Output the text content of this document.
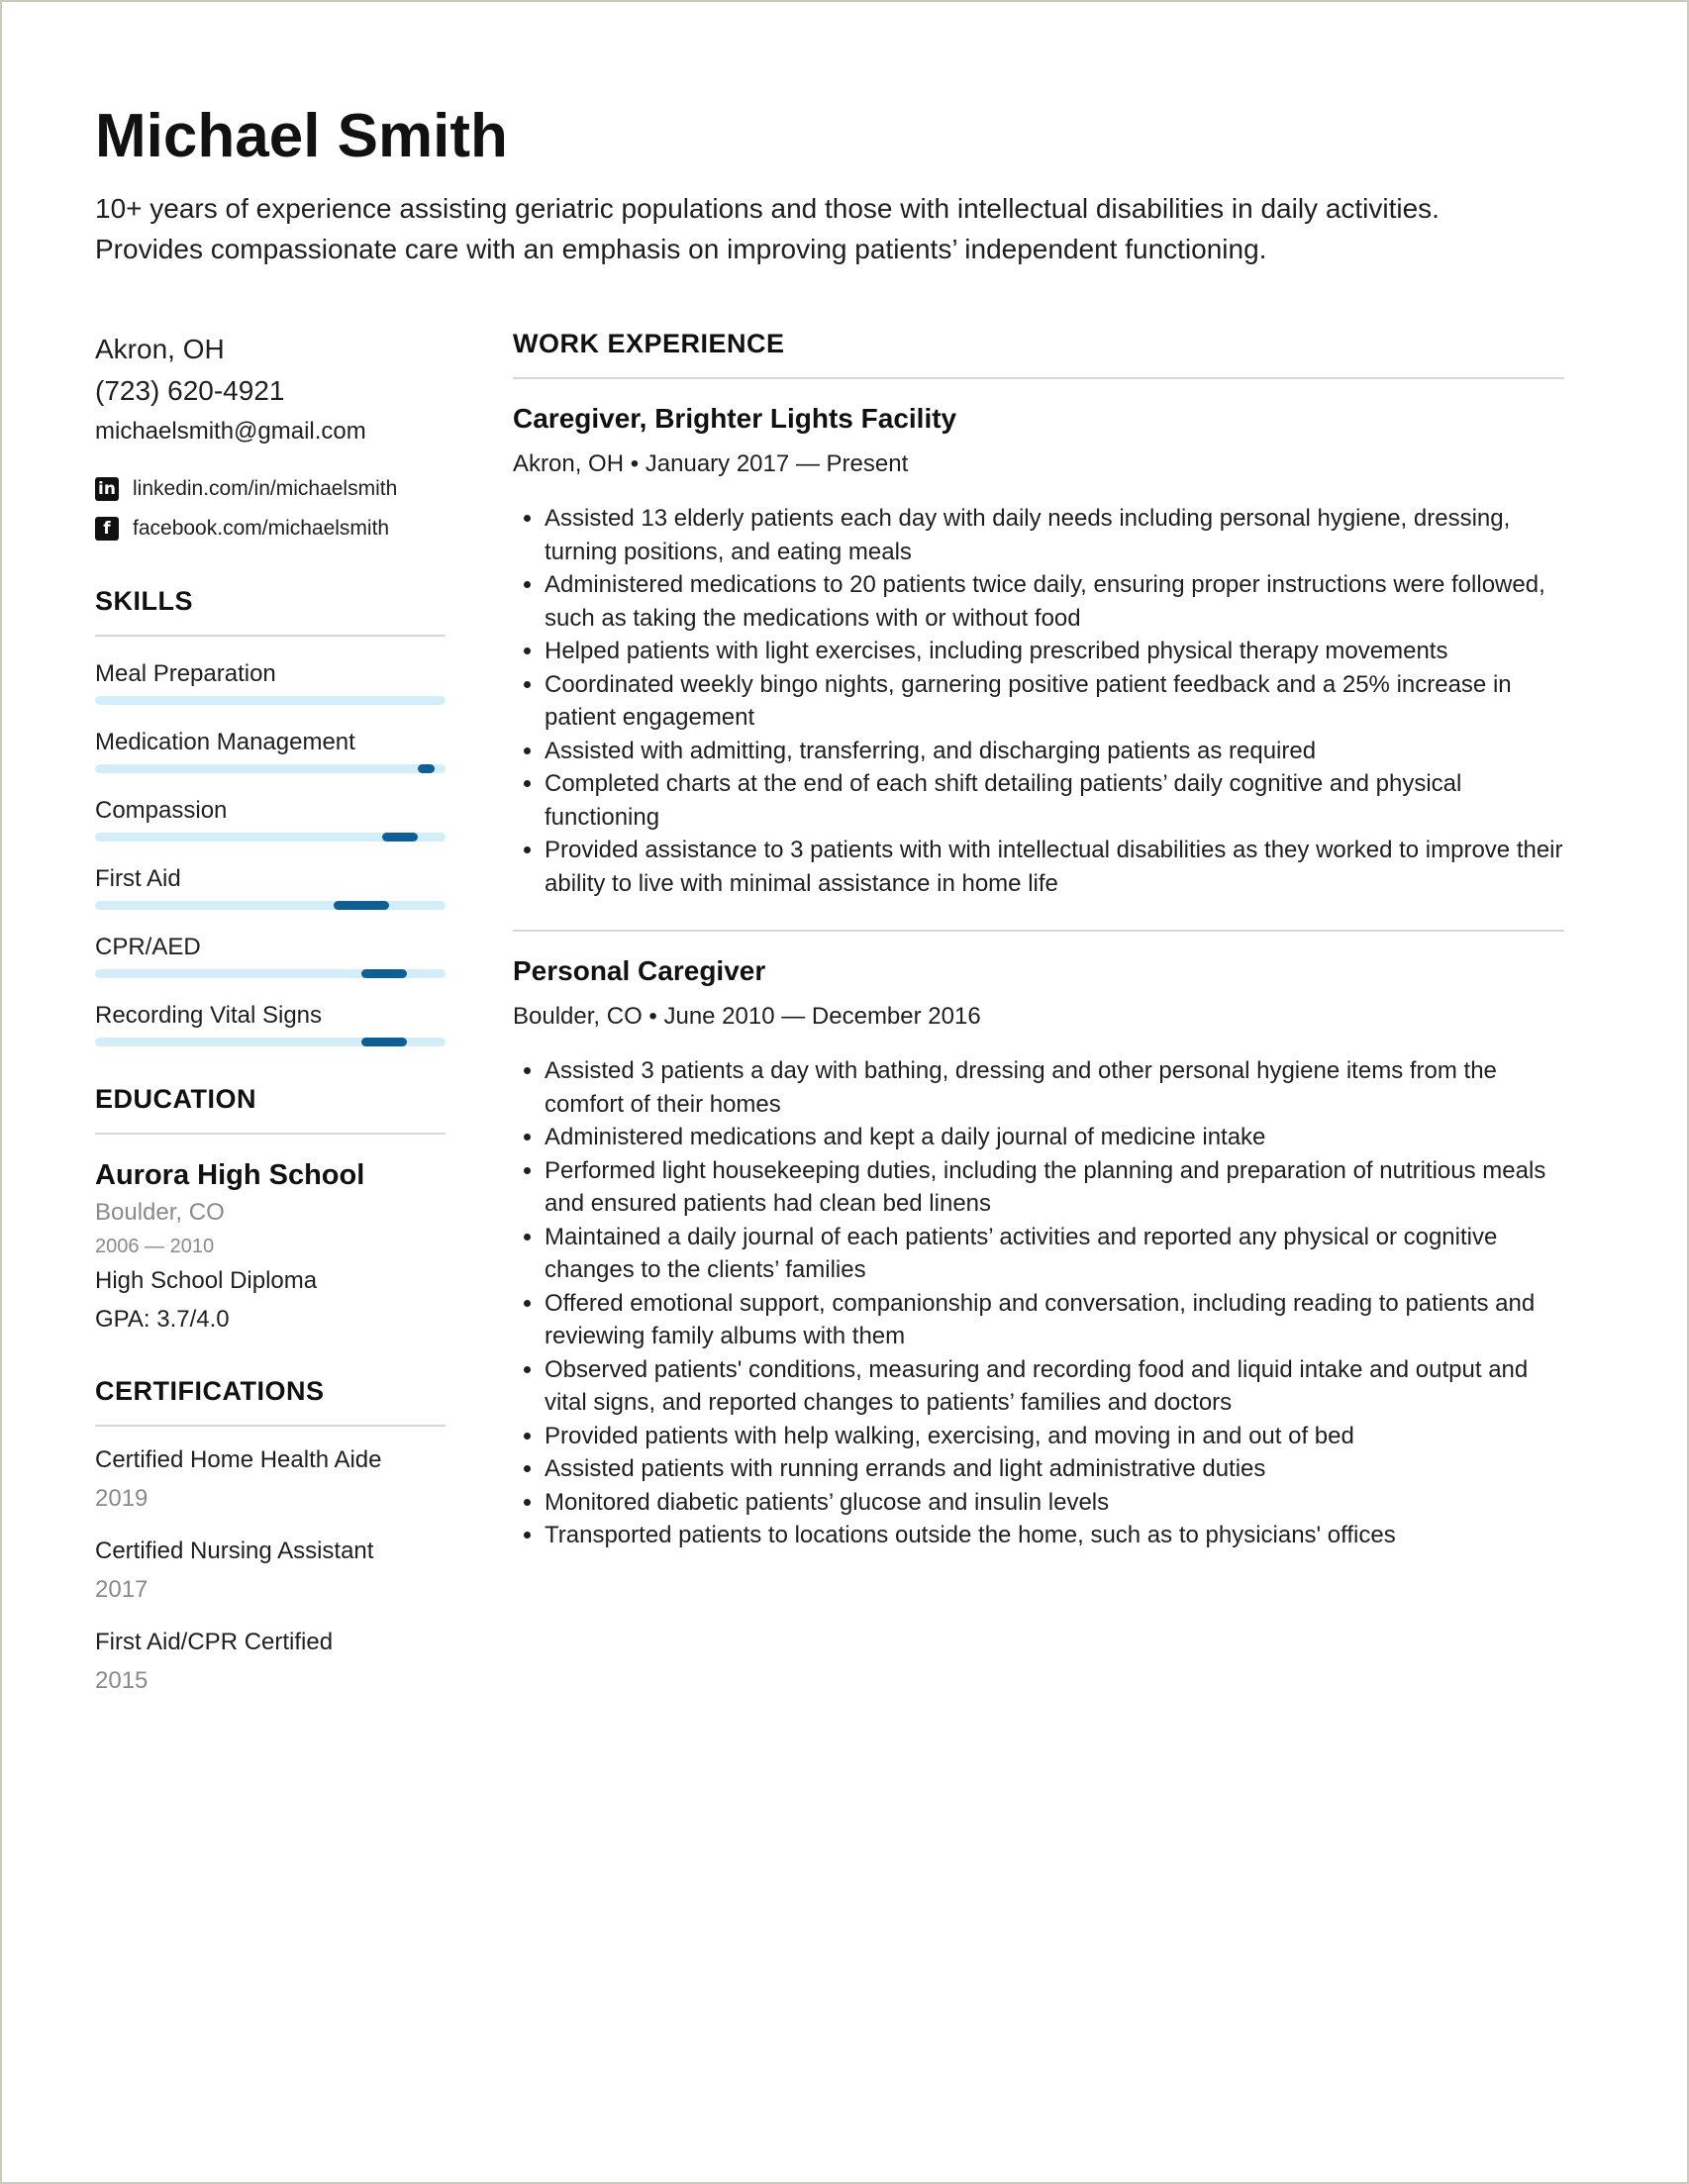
Michael Smith
10+ years of experience assisting geriatric populations and those with intellectual disabilities in daily activities.
Provides compassionate care with an emphasis on improving patients’ independent functioning.
Akron, OH
(723) 620-4921
michaelsmith@gmail.com
in linkedin.com/in/michaelsmith
f	facebook.com/michaelsmith
SKILLS
Meal Preparation
Medication Management
Compassion
First Aid
CPR/AED
Recording Vital Signs
EDUCATION
Aurora High School
Boulder, CO
2006 — 2010
High School Diploma
GPA: 3.7/4.0
CERTIFICATIONS
Certified Home Health Aide
2019
Certified Nursing Assistant
2017
First Aid/CPR Certified
2015
WORK EXPERIENCE
Caregiver, Brighter Lights Facility
Akron, OH • January 2017 — Present
• Assisted 13 elderly patients each day with daily needs including personal hygiene, dressing, turning positions, and eating meals
• Administered medications to 20 patients twice daily, ensuring proper instructions were followed, such as taking the medications with or without food
• Helped patients with light exercises, including prescribed physical therapy movements
• Coordinated weekly bingo nights, garnering positive patient feedback and a 25% increase in patient engagement
• Assisted with admitting, transferring, and discharging patients as required
• Completed charts at the end of each shift detailing patients’ daily cognitive and physical functioning
• Provided assistance to 3 patients with with intellectual disabilities as they worked to improve their ability to live with minimal assistance in home life
Personal Caregiver
Boulder, CO • June 2010 — December 2016
• Assisted 3 patients a day with bathing, dressing and other personal hygiene items from the comfort of their homes
• Administered medications and kept a daily journal of medicine intake
• Performed light housekeeping duties, including the planning and preparation of nutritious meals and ensured patients had clean bed linens
• Maintained a daily journal of each patients’ activities and reported any physical or cognitive changes to the clients’ families
• Offered emotional support, companionship and conversation, including reading to patients and reviewing family albums with them
• Observed patients' conditions, measuring and recording food and liquid intake and output and vital signs, and reported changes to patients’ families and doctors
• Provided patients with help walking, exercising, and moving in and out of bed
• Assisted patients with running errands and light administrative duties
• Monitored diabetic patients’ glucose and insulin levels
• Transported patients to locations outside the home, such as to physicians' offices
